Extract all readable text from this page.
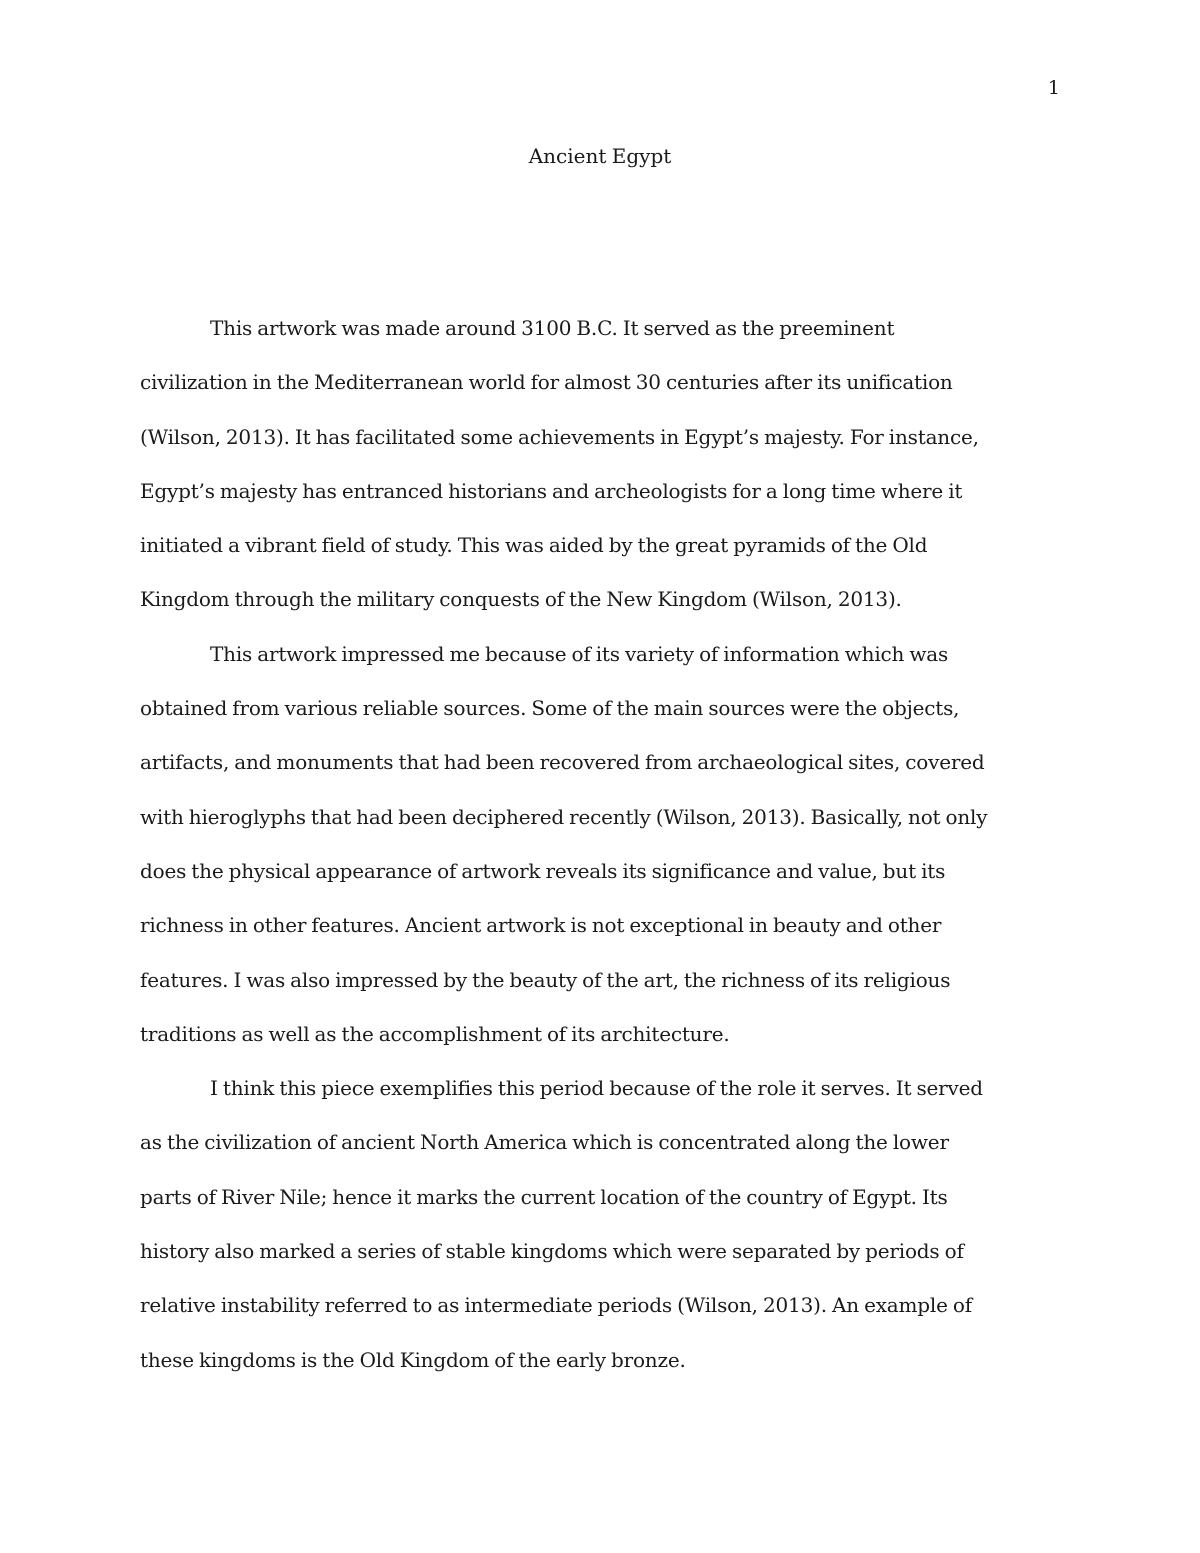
1
Ancient Egypt
This artwork was made around 3100 B.C. It served as the preeminent
civilization in the Mediterranean world for almost 30 centuries after its unification
(Wilson, 2013). It has facilitated some achievements in Egypt’s majesty. For instance,
Egypt’s majesty has entranced historians and archeologists for a long time where it
initiated a vibrant field of study. This was aided by the great pyramids of the Old
Kingdom through the military conquests of the New Kingdom (Wilson, 2013).
This artwork impressed me because of its variety of information which was
obtained from various reliable sources. Some of the main sources were the objects,
artifacts, and monuments that had been recovered from archaeological sites, covered
with hieroglyphs that had been deciphered recently (Wilson, 2013). Basically, not only
does the physical appearance of artwork reveals its significance and value, but its
richness in other features. Ancient artwork is not exceptional in beauty and other
features. I was also impressed by the beauty of the art, the richness of its religious
traditions as well as the accomplishment of its architecture.
I think this piece exemplifies this period because of the role it serves. It served
as the civilization of ancient North America which is concentrated along the lower
parts of River Nile; hence it marks the current location of the country of Egypt. Its
history also marked a series of stable kingdoms which were separated by periods of
relative instability referred to as intermediate periods (Wilson, 2013). An example of
these kingdoms is the Old Kingdom of the early bronze.
